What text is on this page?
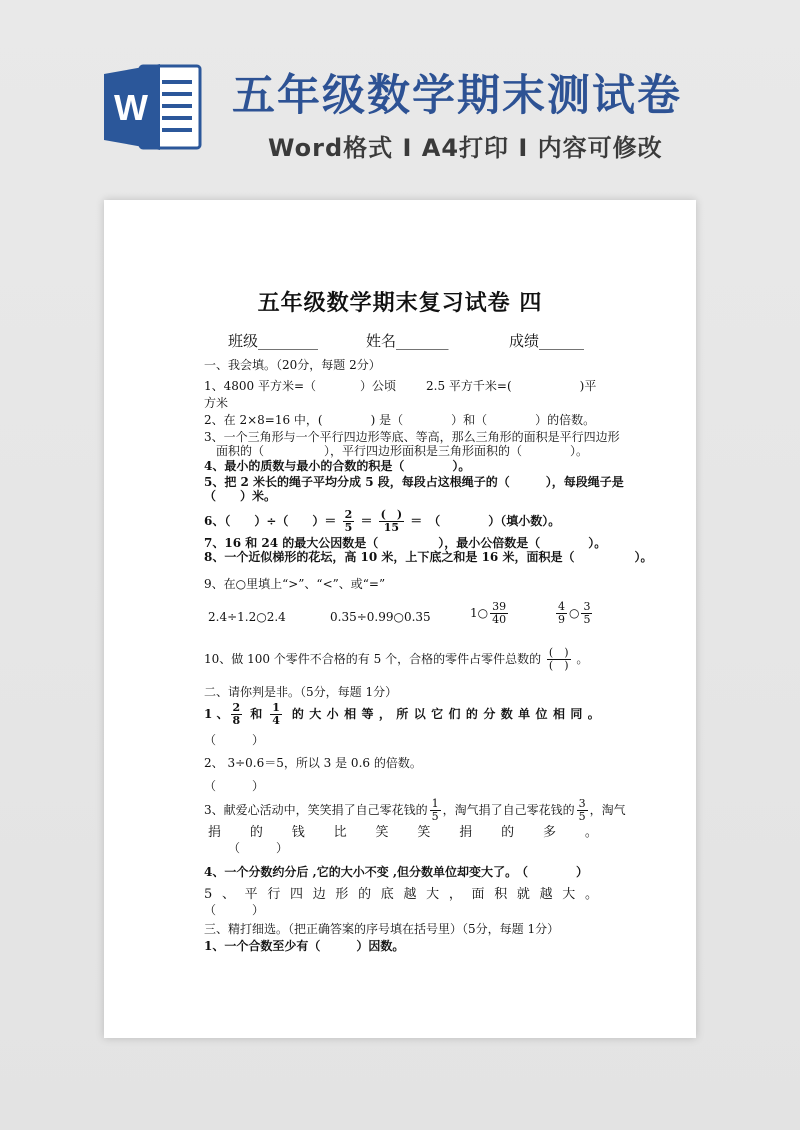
W 五年级数学期末测试卷
Word格式 I A4打印 I 内容可修改
五年级数学期末复习试卷 四
班级________	姓名_______	成绩______
一、我会填。（20分，每题 2分）
1、4800 平方米=（	）公顷 2.5 平方千米=(	)平
方米
2、在 2×8=16 中，(　　　　) 是（　　　　）和（　　　　）的倍数。
3、一个三角形与一个平行四边形等底、等高，那么三角形的面积是平行四边形
面积的（　　　　　），平行四边形面积是三角形面积的（　　　　）。
4、最小的质数与最小的合数的积是（　　　　）。
5、把 2 米长的绳子平均分成 5 段，每段占这根绳子的（　　　），每段绳子是
（　　）米。
6、（　　）÷（　　）＝ $\frac{2}{5} = \frac{( )}{15}$ ＝　（　　　　）（填小数）。
7、16 和 24 的最大公因数是（　　　　　），最小公倍数是（　　　　）。
8、一个近似梯形的花坛，高 10 米，上下底之和是 16 米，面积是（　　　　　）。
9、在○里填上“>”、“<”、或“=”
2.4÷1.2○2.4	0.35÷0.99○0.35	1○ $\frac{39}{40}$	$\frac{4}{9}$ ○ $\frac{3}{5}$
10、做 100 个零件不合格的有 5 个，合格的零件占零件总数的 $\frac{( )}{( )}$ 。
二、请你判是非。（5分，每题 1分）
1 、 $\frac{2}{8}$ 和 $\frac{1}{4}$ 的 大 小 相 等 ， 所 以 它 们 的 分 数 单 位 相 同 。
（　　　）
2、 3÷0.6＝5，所以 3 是 0.6 的倍数。
（　　　）
3、献爱心活动中，笑笑捐了自己零花钱的 $\frac{1}{5}$ ，淘气捐了自己零花钱的 $\frac{3}{5}$ ，淘气
捐 的 钱 比 笑 笑 捐 的 多 。
（　　　）
4、一个分数约分后 ,它的大小不变 ,但分数单位却变大了。
（　　　　）
5 、 平 行 四 边 形 的 底 越 大 ， 面 积 就 越 大 。
（　　　）
三、精打细选。（把正确答案的序号填在括号里）（5分，每题 1分）
1、一个合数至少有（　　　）因数。
